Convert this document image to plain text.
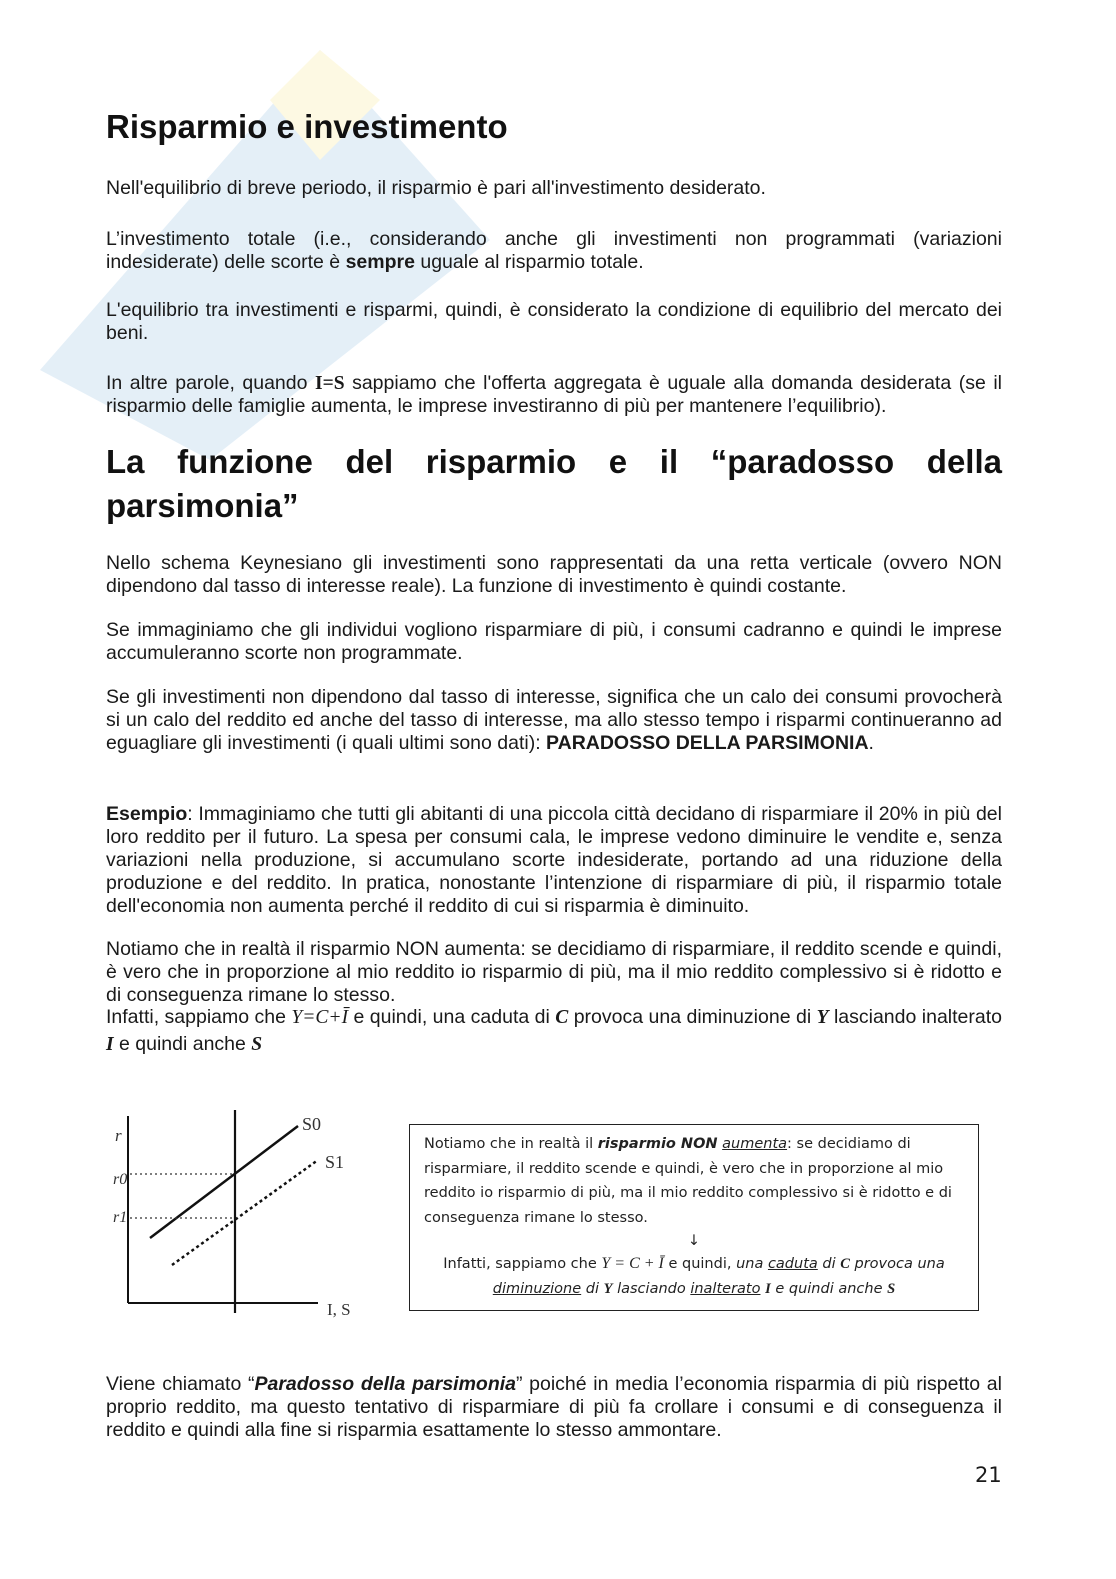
Risparmio e investimento

Nell'equilibrio di breve periodo, il risparmio è pari all'investimento desiderato.

L’investimento totale (i.e., considerando anche gli investimenti non programmati (variazioni indesiderate) delle scorte è sempre uguale al risparmio totale.

L'equilibrio tra investimenti e risparmi, quindi, è considerato la condizione di equilibrio del mercato dei beni.

In altre parole, quando I=S sappiamo che l'offerta aggregata è uguale alla domanda desiderata (se il risparmio delle famiglie aumenta, le imprese investiranno di più per mantenere l’equilibrio).

La funzione del risparmio e il “paradosso della parsimonia”

Nello schema Keynesiano gli investimenti sono rappresentati da una retta verticale (ovvero NON dipendono dal tasso di interesse reale). La funzione di investimento è quindi costante.

Se immaginiamo che gli individui vogliono risparmiare di più, i consumi cadranno e quindi le imprese accumuleranno scorte non programmate.

Se gli investimenti non dipendono dal tasso di interesse, significa che un calo dei consumi provocherà si un calo del reddito ed anche del tasso di interesse, ma allo stesso tempo i risparmi continueranno ad eguagliare gli investimenti (i quali ultimi sono dati): PARADOSSO DELLA PARSIMONIA.

Esempio: Immaginiamo che tutti gli abitanti di una piccola città decidano di risparmiare il 20% in più del loro reddito per il futuro. La spesa per consumi cala, le imprese vedono diminuire le vendite e, senza variazioni nella produzione, si accumulano scorte indesiderate, portando ad una riduzione della produzione e del reddito. In pratica, nonostante l’intenzione di risparmiare di più, il risparmio totale dell'economia non aumenta perché il reddito di cui si risparmia è diminuito.

Notiamo che in realtà il risparmio NON aumenta: se decidiamo di risparmiare, il reddito scende e quindi, è vero che in proporzione al mio reddito io risparmio di più, ma il mio reddito complessivo si è ridotto e di conseguenza rimane lo stesso.

Infatti, sappiamo che Y=C+Ī e quindi, una caduta di C provoca una diminuzione di Y lasciando inalterato I e quindi anche S

Viene chiamato “Paradosso della parsimonia” poiché in media l’economia risparmia di più rispetto al proprio reddito, ma questo tentativo di risparmiare di più fa crollare i consumi e di conseguenza il reddito e quindi alla fine si risparmia esattamente lo stesso ammontare.

r
r0
r1
S0
S1
I, S
Notiamo che in realtà il risparmio NON aumenta: se decidiamo di risparmiare, il reddito scende e quindi, è vero che in proporzione al mio reddito io risparmio di più, ma il mio reddito complessivo si è ridotto e di conseguenza rimane lo stesso.
↓
Infatti, sappiamo che Y = C + Ī e quindi, una caduta di C provoca una diminuzione di Y lasciando inalterato I e quindi anche S
21
